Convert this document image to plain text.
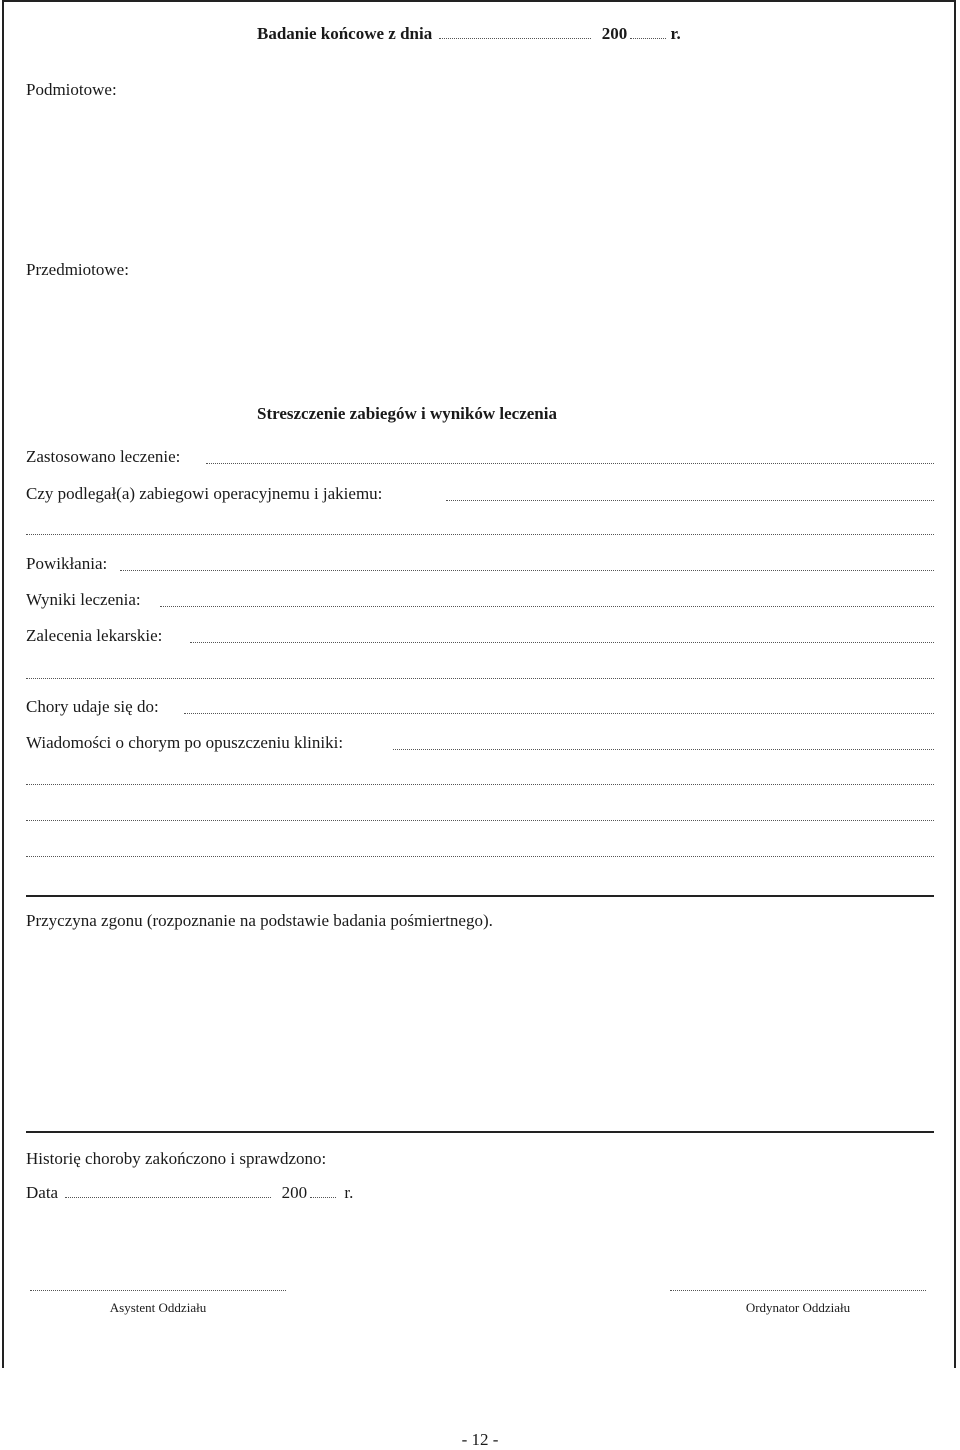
Badanie końcowe z dnia	200	r.
Podmiotowe:
Przedmiotowe:
Streszczenie zabiegów i wyników leczenia
Zastosowano leczenie:
Czy podlegał(a) zabiegowi operacyjnemu i jakiemu:
Powikłania:
Wyniki leczenia:
Zalecenia lekarskie:
Chory udaje się do:
Wiadomości o chorym po opuszczeniu kliniki:
Przyczyna zgonu (rozpoznanie na podstawie badania pośmiertnego).
Historię choroby zakończono i sprawdzono:
Data	200 r.
Asystent Oddziału	Ordynator Oddziału
- 12 -
